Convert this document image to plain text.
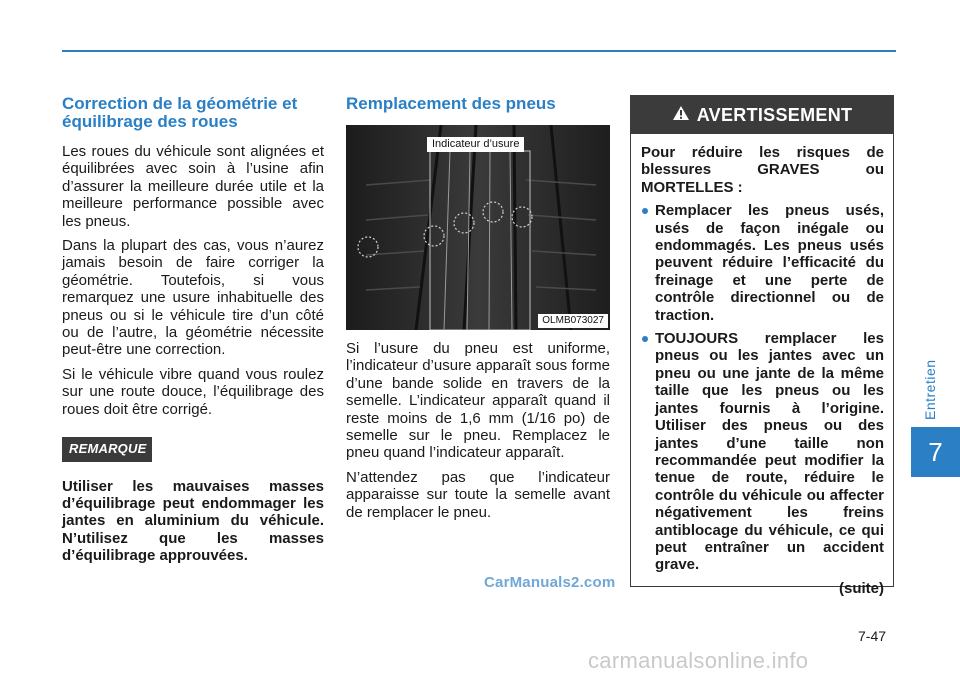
Correction de la géométrie et équilibrage des roues

Les roues du véhicule sont alignées et équilibrées avec soin à l’usine afin d’assurer la meilleure durée utile et la meilleure performance possible avec les pneus.

Dans la plupart des cas, vous n’aurez jamais besoin de faire corriger la géométrie. Toutefois, si vous remarquez une usure inhabituelle des pneus ou si le véhicule tire d’un côté ou de l’autre, la géométrie nécessite peut-être une correction.

Si le véhicule vibre quand vous roulez sur une route douce, l’équilibrage des roues doit être corrigé.

REMARQUE

Utiliser les mauvaises masses d’équilibrage peut endommager les jantes en aluminium du véhicule. N’utilisez que les masses d’équilibrage approuvées.

Remplacement des pneus
Indicateur d’usure
OLMB073027

Si l’usure du pneu est uniforme, l’indicateur d’usure apparaît sous forme d’une bande solide en travers de la semelle. L’indicateur apparaît quand il reste moins de 1,6 mm (1/16 po) de semelle sur le pneu. Remplacez le pneu quand l’indicateur apparaît.

N’attendez pas que l’indicateur apparaisse sur toute la semelle avant de remplacer le pneu.

AVERTISSEMENT

Pour réduire les risques de blessures GRAVES ou MORTELLES :

Remplacer les pneus usés, usés de façon inégale ou endommagés. Les pneus usés peuvent réduire l’efficacité du freinage et une perte de contrôle directionnel ou de traction.
TOUJOURS remplacer les pneus ou les jantes avec un pneu ou une jante de la même taille que les pneus ou les jantes fournis à l’origine. Utiliser des pneus ou des jantes d’une taille non recommandée peut modifier la tenue de route, réduire le contrôle du véhicule ou affecter négativement les freins antiblocage du véhicule, ce qui peut entraîner un accident grave.
(suite)
Entretien
7
CarManuals2.com
7-47
carmanualsonline.info
